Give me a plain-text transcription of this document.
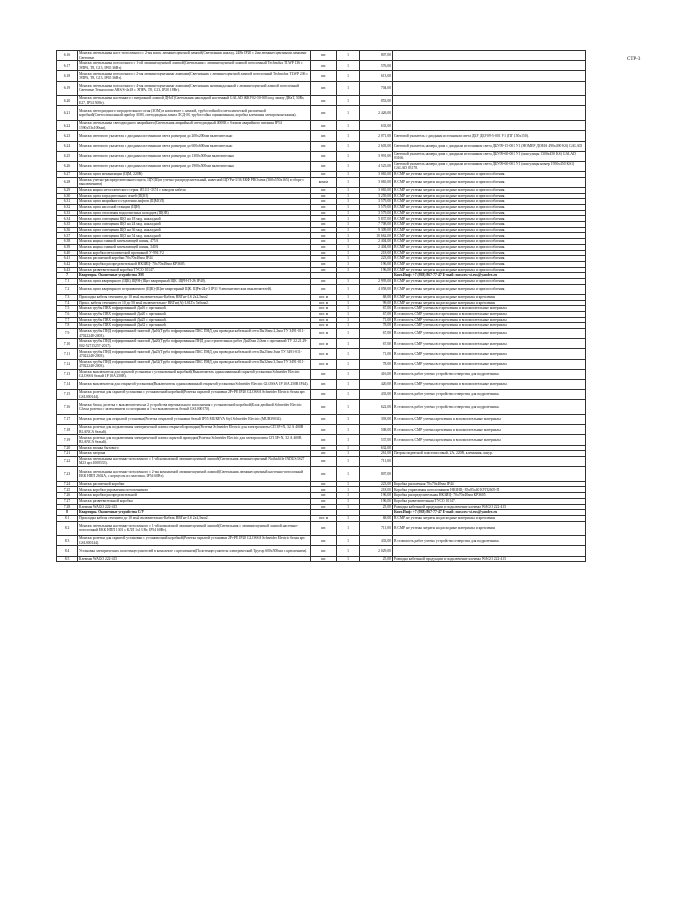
СТР-3
6.16	Монтаж светильника наст.-потолочного с 2-мя комп. люминесцентной лампой(Светильник наклад. 24Вт IP20 с 2мя люминесцентными лампами Световые	шт.	1	807,00	
6.17	Монтаж светильника потолочного с 1-ой люминесцентной лампой(Светильник с люминесцентной лампой потолочный Technolux TLWP 136 с ЭПРА, T8, G13, IP65 36Вт).	шт.	1	576,00	
6.18	Монтаж светильника потолочного с 2-мя люминесцентными лампами(Светильник с люминесцентной лампой потолочный Technolux TLWP 236 с ЭПРА, T8, G13, IP65 36Вт).	шт.	1	613,00	
6.19	Монтаж светильника потолочного с 4-мя люминесцентными лампами(Светильник антивандальный с люминесцентной лампой потолочный Световые Технологии ARS/S-4x18 с ЭПРА, T8, G13, IP20 18Вт).	шт.	1	704,00	
6.20	Монтаж светильника настенного с витражной лампой ДНаТ(Светильник накладной настенный GALAD ЖКУ02-50-003 под лампу ДНаТ, 50Вт, E27, IP54 50Вт).	шт.	1	853,00	
6.21	Монтаж светодиодного заградительного огня (ЗОМ) в комплекте с лампой, трубостойкой и металлической распаечной коробкой(Светосигнальный прибор ЗОМ, светодиодная лампа ЛСД-М, трубостойка оцинкованная, коробка клеммная электромонтажная).	шт.	1	2 426,00	
6.22	Монтаж светильника светодиодного аварийного(Светильник аварийный светодиодный 4000К с блоком аварийного питания IP54 1590x53x100мм).	шт.	1	633,00	
6.23	Монтаж светового указателя с диодным источником света размером до 200x200мм включительно	шт.	1	2 071,00	Световой указатель с диодным источником света ДБУ ДБУ09-5-001 У1 (ПГ 150x150).
6.24	Монтаж светового указателя с диодным источником света размером до 600x600мм включительно	шт.	1	2 603,00	Световой указатель номера дома с диодным источником света ДБУ09-15-001 У1 (НОМЕР ДОМА 490x490 KS) GALAD
6.25	Монтаж светового указателя с диодным источником света размером до 1300x500мм включительно	шт.	1	3 991,00	Световой указатель номера дома с диодным источником света ДБУ09-60-001 У1 (имя улицы 1300x450 KS) GALAD 03166.
6.26	Монтаж светового указателя с диодным источником света размером до 1900x500мм включительно	шт.	1	4 525,00	Световой указатель номера дома с диодным источником света ДБУ09-60-001 У1 (имя улицы номер 1950x450 KS1) GALAD 03178.
6.27	Монтаж щита механизации (ЩМ, 220В)	шт.	1	3 065,00	В СМР не учтены затраты на расходные материалы и приспособления.
6.28	Монтаж учетно-распределительного щита, ЩУ(Щит учетно-распределительный, навесной ЩУРн-3/36 ЕКФ PROxima (360x550x165) в сборе с выключением)	компл	1	3 065,00	В СМР не учтены затраты на расходные материалы и приспособления.
6.29	Монтаж ящика металлического серия. Я5111-3374 с заводом кабеля	шт.	1	3 065,00	В СМР не учтены затраты на расходные материалы и приспособления.
6.30	Монтаж щита заградительных огней (ЩЗО)	шт.	1	3 259,00	В СМР не учтены затраты на расходные материалы и приспособления.
6.31	Монтаж щита аварийного отделения лифтов (ЩМОЛ)	шт.	1	3 579,00	В СМР не учтены затраты на расходные материалы и приспособления.
6.32	Монтаж щита насосной станции (ЩН)	шт.	1	3 579,00	В СМР не учтены затраты на расходные материалы и приспособления.
6.33	Монтаж щита отопления водоочистных колодцев (ЩОВ)	шт.	1	3 579,00	В СМР не учтены затраты на расходные материалы и приспособления.
6.34	Монтаж щита освещения ЩО на 18 мод. накладной	шт.	1	5 837,00	В СМР не учтены затраты на расходные материалы и приспособления.
6.35	Монтаж щита освещения ЩО на 24 мод. накладной	шт.	1	7 708,00	В СМР не учтены затраты на расходные материалы и приспособления.
6.36	Монтаж щита освещения ЩО на 36 мод. накладной	шт.	1	9 309,00	В СМР не учтены затраты на расходные материалы и приспособления.
6.37	Монтаж щита освещения ЩО на 54 мод. накладной	шт.	1	10 662,00	В СМР не учтены затраты на расходные материалы и приспособления.
6.38	Монтаж ящика главной заземляющей шины, 475А	шт.	1	2 404,00	В СМР не учтены затраты на расходные материалы и приспособления.
6.39	Монтаж ящика главной заземляющей шины, 340А	шт.	1	2 404,00	В СМР не учтены затраты на расходные материалы и приспособления.
6.40	Монтаж коробки металлической протяжной У-994 У2	шт.	1	218,00	В СМР не учтены затраты на расходные материалы и приспособления.
6.41	Монтаж распаечной коробки 70x70x40мм IP44	шт.	1	223,00	В СМР не учтены затраты на расходные материалы и приспособления.
6.42	Монтаж коробки распределительной НКЗИЦ- 70x70x40мм КРЗ605.	шт.	1	196,00	В СМР не учтены затраты на расходные материалы и приспособления.
6.43	Монтаж разветвительной коробки ТУСО 10147.	шт.	1	196,00	В СМР не учтены затраты на расходные материалы и приспособления.
7	Квартиры. Оконечные устройства ЭМ				Конт.Инф: +7 (938) 867-77-47 E-mail: moscow-st.rus@yandex.ru
7.1	Монтаж щита квартирного (ЩК) ЩРН-(Щит квартирный ЩК. ЩРН-П-26 IP40).	шт.	1	2 995,00	В СМР не учтены затраты на расходные материалы и приспособления.
7.2	Монтаж щита квартирного встраиваемого (ЩК)-(Щит квартирный ЩК. ЩРв-24з-3 IP31 9 автоматических выключателей).	шт.	1	4 058,00	В СМР не учтены затраты на расходные материалы и приспособления.
7.3	Прокладка кабеля сечением до 10 мм2 включительно-Кабель ВВГнг-LS 2х2,5мм2	пог. м	1	68,00	В СМР не учтены затраты на расходные материалы и крепления
7.4	Прокл. кабеля сечением от 10 до 50 мм2 включительно- ВВГнг(А)-LSLTx 5x6мм2.	пог. м	1	99,00	В СМР не учтены затраты на расходные материалы и крепления
7.5	Монтаж трубы ПВХ гофрированной Дн16 с протяжкой.	пог. м	1	67,00	В стоимость СМР учтены все крепления и вспомогательные материалы
7.6	Монтаж трубы ПВХ гофрированной Дн20 с протяжкой.	пог. м	1	67,00	В стоимость СМР учтены все крепления и вспомогательные материалы
7.7	Монтаж трубы ПВХ гофрированной Дн25 с протяжкой.	пог. м	1	71,00	В стоимость СМР учтены все крепления и вспомогательные материалы
7.8	Монтаж трубы ПВХ гофрированной Дн32 с протяжкой.	пог. м	1	78,00	В стоимость СМР учтены все крепления и вспомогательные материалы
7.9	Монтаж трубы ПНД гофрированной тяжелой Дн16(Труба гофрированная ПКС ПНД для проводки кабельной сети Dн16мм 2,2мм ТУ 3491-011-47022248-2003).	пог. м	1	67,00	В стоимость СМР учтены все крепления и вспомогательные материалы
7.10	Монтаж трубы ПНД гофрированной тяжелой Дн20(Труба гофрированная ПНД для строительных работ Дн20мм 2,0мм с протяжкой ТУ 22.21.29-002-52715257-2017).	пог. м	1	67,00	В стоимость СМР учтены все крепления и вспомогательные материалы
7.11	Монтаж трубы ПНД гофрированной тяжелой Дн25(Труба гофрированная ПКС ПНД для проводки кабельной сети Dн25мм 3мм ТУ 3491-011-47022248-2003).	пог. м	1	71,00	В стоимость СМР учтены все крепления и вспомогательные материалы
7.12	Монтаж трубы ПНД гофрированной тяжелой Дн32(Труба гофрированная ПКС ПНД для проводки кабельной сети Dн32мм 3,5мм ТУ 3491-011-47022248-2003).	пог. м	1	78,00	В стоимость СМР учтены все крепления и вспомогательные материалы
7.13	Монтаж выключателя для скрытой установки с установочной коробкой(Выключатель одноклавишный скрытой установки Schneider Electric GLOSSA белый 1P 10A 250В).	шт.	1	416,00	В стоимость работ учтено устройство отверстия для подрозетника.
7.14	Монтаж выключателя для открытой установки(Выключатель одноклавишный открытой установки Schneider Electric GLOSSA 1P 10A 250В IP44).	шт.	1	420,00	В стоимость СМР учтены все крепления и вспомогательные материалы
7.15	Монтаж розетки для скрытой установки с установочной коробкой(Розетка скрытой установки 2P+PE IP20 GLOSSA Schneider Electric белая арт. GSL000144).	шт.	1	433,00	В стоимость работ учтено устройство отверстия для подрозетника.
7.16	Монтаж блока, розетка с выключателем на 2 устройства вертикального исполнения с установочной коробкой(Блок двойной Schneider Electric Glossa розетка с заземлением со шторками и 1-кл выключатель белый GSL000170).	шт.	1	622,00	В стоимость работ учтено устройство отверстия для подрозетника.
7.17	Монтаж розетки для открытой установки(Розетка открытой установки белый IP55 MUREVA Styl Schneider Electric (MUR39034).	шт.	1	393,00	В стоимость СМР учтены крепления и вспомогательные материалы
7.18	Монтаж розетки для подключения электрической плиты открытой проводки(Розетка Schneider Electric для электроплиты СП 3Р+N, 32 А 400В BLANCA белый).	шт.	1	508,00	В стоимость СМР учтены крепления и вспомогательные материалы
7.19	Монтаж розетки для подключения электрической плиты скрытой проводки(Розетка Schneider Electric для электроплиты СП 3Р+N, 32 А 400В BLANCA белый).	шт.	1	537,00	В стоимость СМР учтены крепления и вспомогательные материалы
7.20	Монтаж звонка бытового	шт.	1	632,00	
7.21	Монтаж патрона	шт.	1	261,00	Патрон подвесной пластмассовый, 2А, 220В, клеммник, шнур.
7.22	Монтаж светильника настенно-потолочного с 1-ой компактной люминесцентной лампой(Светильник люминесцентный Nothicliffe INDUS IS27 M23 арт.1000533).	шт.	1	711,00	
7.23	Монтаж светильника настенно-потолочного с 2-мя компактной люминесцентной лампой(Светильник люминесцентный настенно-потолочный ЕКК НПП 2602А, с корпусом из пластика, IP54 60Вт).	шт.	1	807,00	
7.24	Монтаж распаечной коробки	шт.	1	223,00	Коробка распаечная 70x70x40мм IP44
7.25	Монтаж коробки управления потолочником	шт.	1	218,00	Коробка управления потолочником НКЗИЦ- 85x85x40 КУП2605-П
7.26	Монтаж коробки распределительной	шт.	1	196,00	Коробка распределительная НКЗИЦ- 70x70x40мм КРЗ605
7.27	Монтаж разветвительной коробки	шт.	1	196,00	Коробка разветвительная ТУСО 10147.
7.28	Клеммы WAGO 222-415	шт.	1	25,00	Разводка кабельной продукции и подключение клеммы WAGO 222-415
8	Квартиры. Оконечные устройства С/У				Конт.Инф: +7 (938) 867-77-47 E-mail: moscow-st.rus@yandex.ru
8.1	Прокладка кабеля сечением до 10 мм2 включительно-Кабель ВВГнг-LS 2x2,5мм2.	пог. м	1	68,00	В СМР не учтены затраты на расходные материалы и крепления
8.2	Монтаж светильника настенно-потолочного с 1-ой компактной люминесцентной лампой(Светильник с люминесцентной лампой настенно-потолочный ЕКК НПП 1301 с КЛЛ 1x13 Вт, IP54 60Вт).	шт.	1	711,00	В СМР не учтены затраты на расходные материалы и крепления
8.3	Монтаж розетки для скрытой установки с установочной коробкой(Розетка скрытой установки 2P+PE IP20 GLOSSA Schneider Electric белая арт. GSL000144).	шт.	1	433,00	В стоимость работ учтено устройство отверстия для подрозетника.
8.4	Установка электрических полотенцесушителей в комплекте с креплением(Полотенцесушитель электрический Трутор 600x500мм с креплением).	шт.	1	2 029,00	
8.5	Клеммы WAGO 222-415	шт.	1	25,00	Разводка кабельной продукции и подключение клеммы WAGO 222-415
